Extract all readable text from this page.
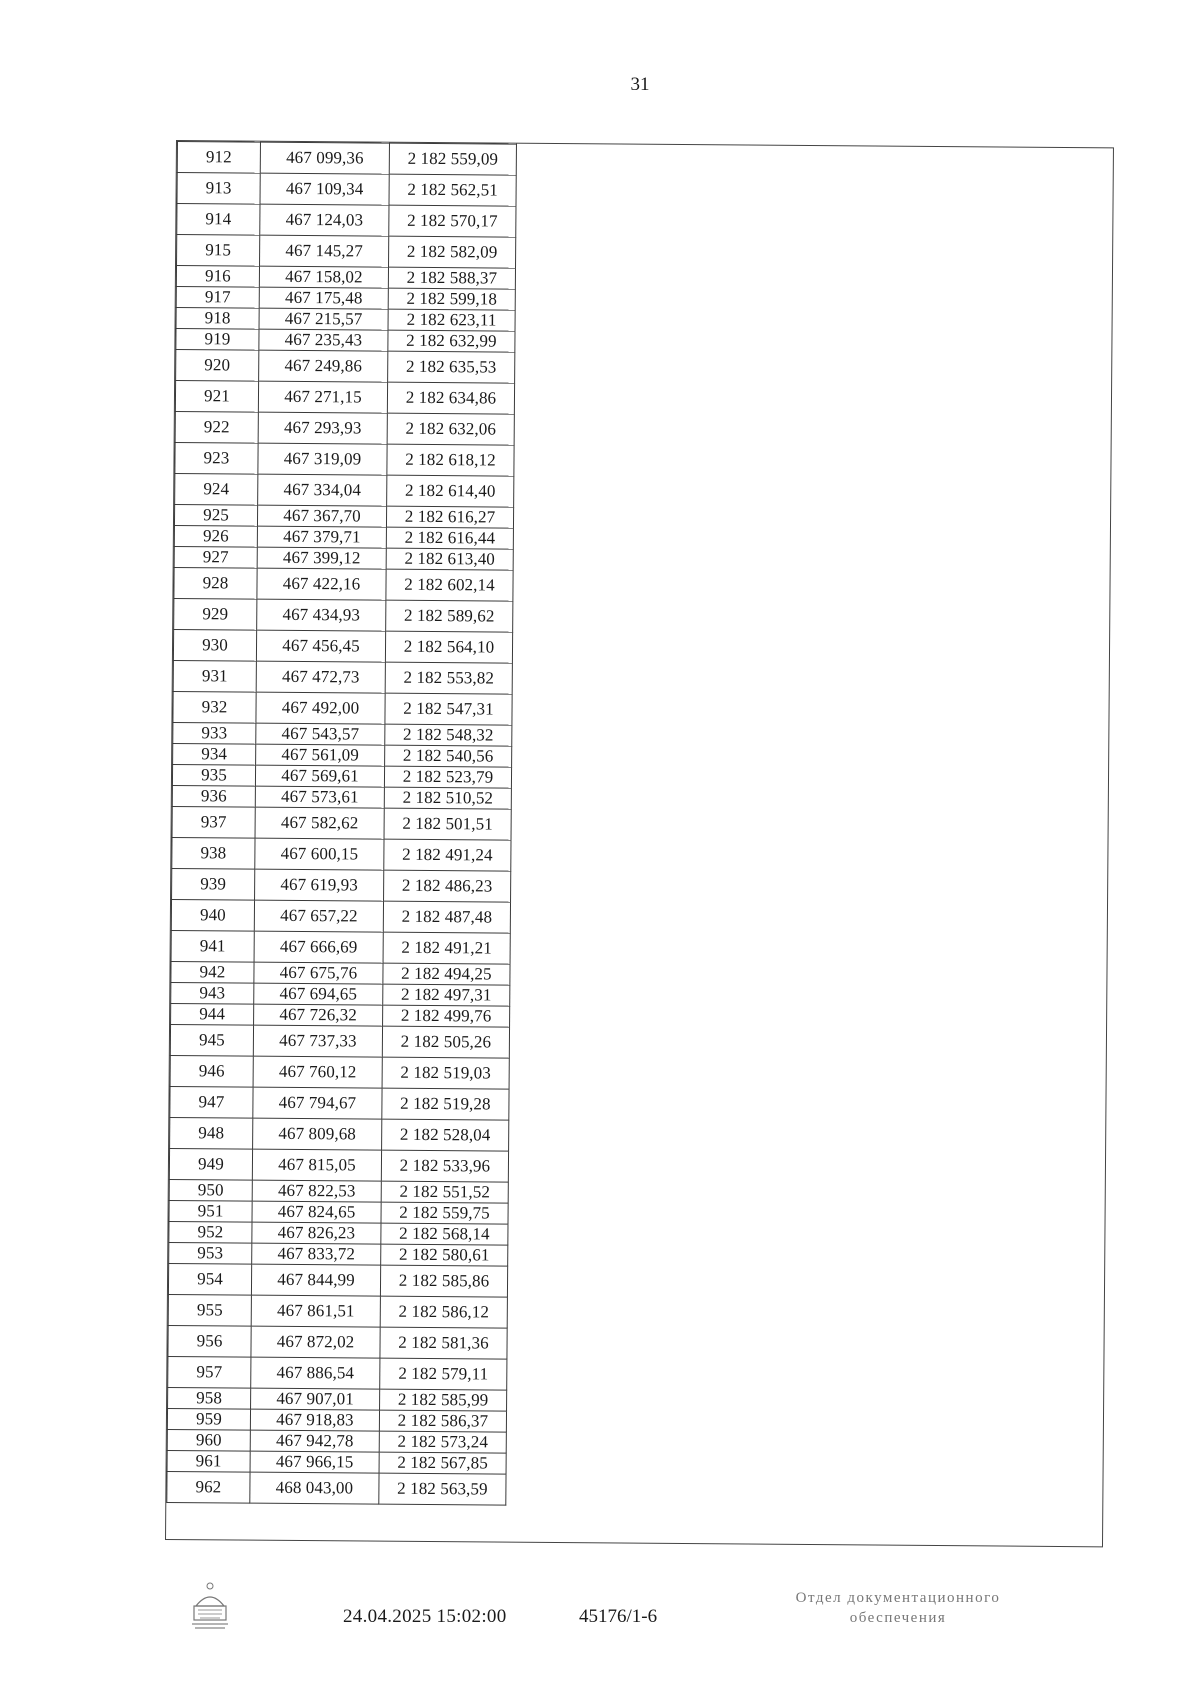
31
912	467 099,36	2 182 559,09
913	467 109,34	2 182 562,51
914	467 124,03	2 182 570,17
915	467 145,27	2 182 582,09
916	467 158,02	2 182 588,37
917	467 175,48	2 182 599,18
918	467 215,57	2 182 623,11
919	467 235,43	2 182 632,99
920	467 249,86	2 182 635,53
921	467 271,15	2 182 634,86
922	467 293,93	2 182 632,06
923	467 319,09	2 182 618,12
924	467 334,04	2 182 614,40
925	467 367,70	2 182 616,27
926	467 379,71	2 182 616,44
927	467 399,12	2 182 613,40
928	467 422,16	2 182 602,14
929	467 434,93	2 182 589,62
930	467 456,45	2 182 564,10
931	467 472,73	2 182 553,82
932	467 492,00	2 182 547,31
933	467 543,57	2 182 548,32
934	467 561,09	2 182 540,56
935	467 569,61	2 182 523,79
936	467 573,61	2 182 510,52
937	467 582,62	2 182 501,51
938	467 600,15	2 182 491,24
939	467 619,93	2 182 486,23
940	467 657,22	2 182 487,48
941	467 666,69	2 182 491,21
942	467 675,76	2 182 494,25
943	467 694,65	2 182 497,31
944	467 726,32	2 182 499,76
945	467 737,33	2 182 505,26
946	467 760,12	2 182 519,03
947	467 794,67	2 182 519,28
948	467 809,68	2 182 528,04
949	467 815,05	2 182 533,96
950	467 822,53	2 182 551,52
951	467 824,65	2 182 559,75
952	467 826,23	2 182 568,14
953	467 833,72	2 182 580,61
954	467 844,99	2 182 585,86
955	467 861,51	2 182 586,12
956	467 872,02	2 182 581,36
957	467 886,54	2 182 579,11
958	467 907,01	2 182 585,99
959	467 918,83	2 182 586,37
960	467 942,78	2 182 573,24
961	467 966,15	2 182 567,85
962	468 043,00	2 182 563,59
24.04.2025 15:02:00	45176/1-6
Отдел документационного
обеспечения
